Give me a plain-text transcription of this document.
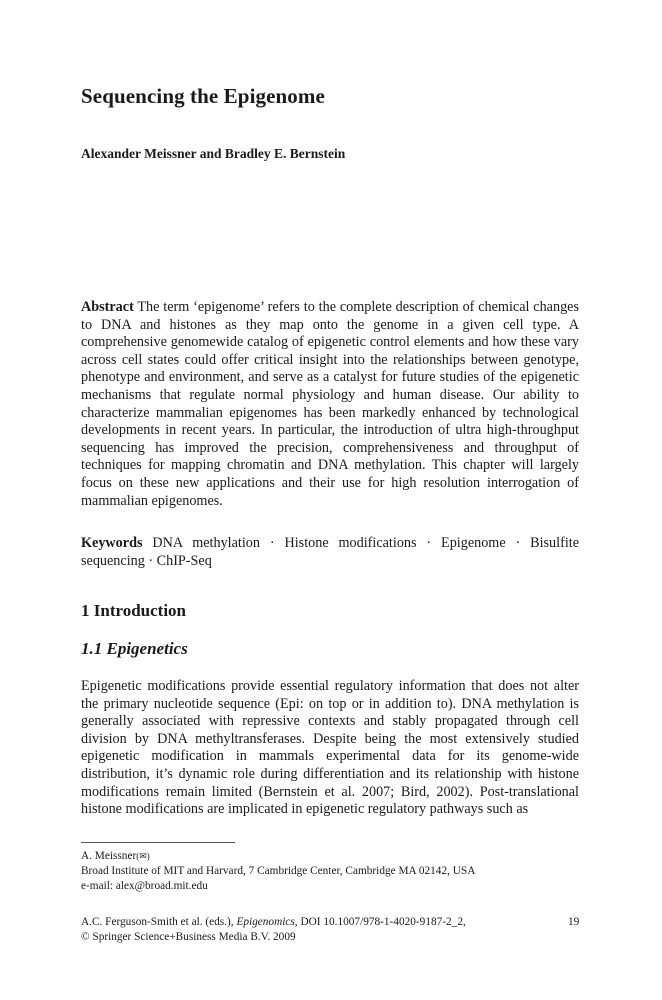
Sequencing the Epigenome
Alexander Meissner and Bradley E. Bernstein

Abstract The term ‘epigenome’ refers to the complete description of chemical changes to DNA and histones as they map onto the genome in a given cell type. A comprehensive genomewide catalog of epigenetic control elements and how these vary across cell states could offer critical insight into the relationships between genotype, phenotype and environment, and serve as a catalyst for future studies of the epigenetic mechanisms that regulate normal physiology and human disease. Our ability to characterize mammalian epigenomes has been markedly enhanced by technological developments in recent years. In particular, the introduction of ultra high-throughput sequencing has improved the precision, comprehensiveness and throughput of techniques for mapping chromatin and DNA methylation. This chapter will largely focus on these new applications and their use for high resolution interrogation of mammalian epigenomes.

Keywords DNA methylation · Histone modifications · Epigenome · Bisulfite sequencing · ChIP-Seq

1 Introduction
1.1 Epigenetics

Epigenetic modifications provide essential regulatory information that does not alter the primary nucleotide sequence (Epi: on top or in addition to). DNA methylation is generally associated with repressive contexts and stably propagated through cell division by DNA methyltransferases. Despite being the most extensively studied epigenetic modification in mammals experimental data for its genome-wide distribution, it’s dynamic role during differentiation and its relationship with histone modifications remain limited (Bernstein et al. 2007; Bird, 2002). Post-translational histone modifications are implicated in epigenetic regulatory pathways such as

A. Meissner(✉)
Broad Institute of MIT and Harvard, 7 Cambridge Center, Cambridge MA 02142, USA
e-mail: alex@broad.mit.edu
A.C. Ferguson-Smith et al. (eds.), Epigenomics, DOI 10.1007/978-1-4020-9187-2_2,
© Springer Science+Business Media B.V. 2009
19
